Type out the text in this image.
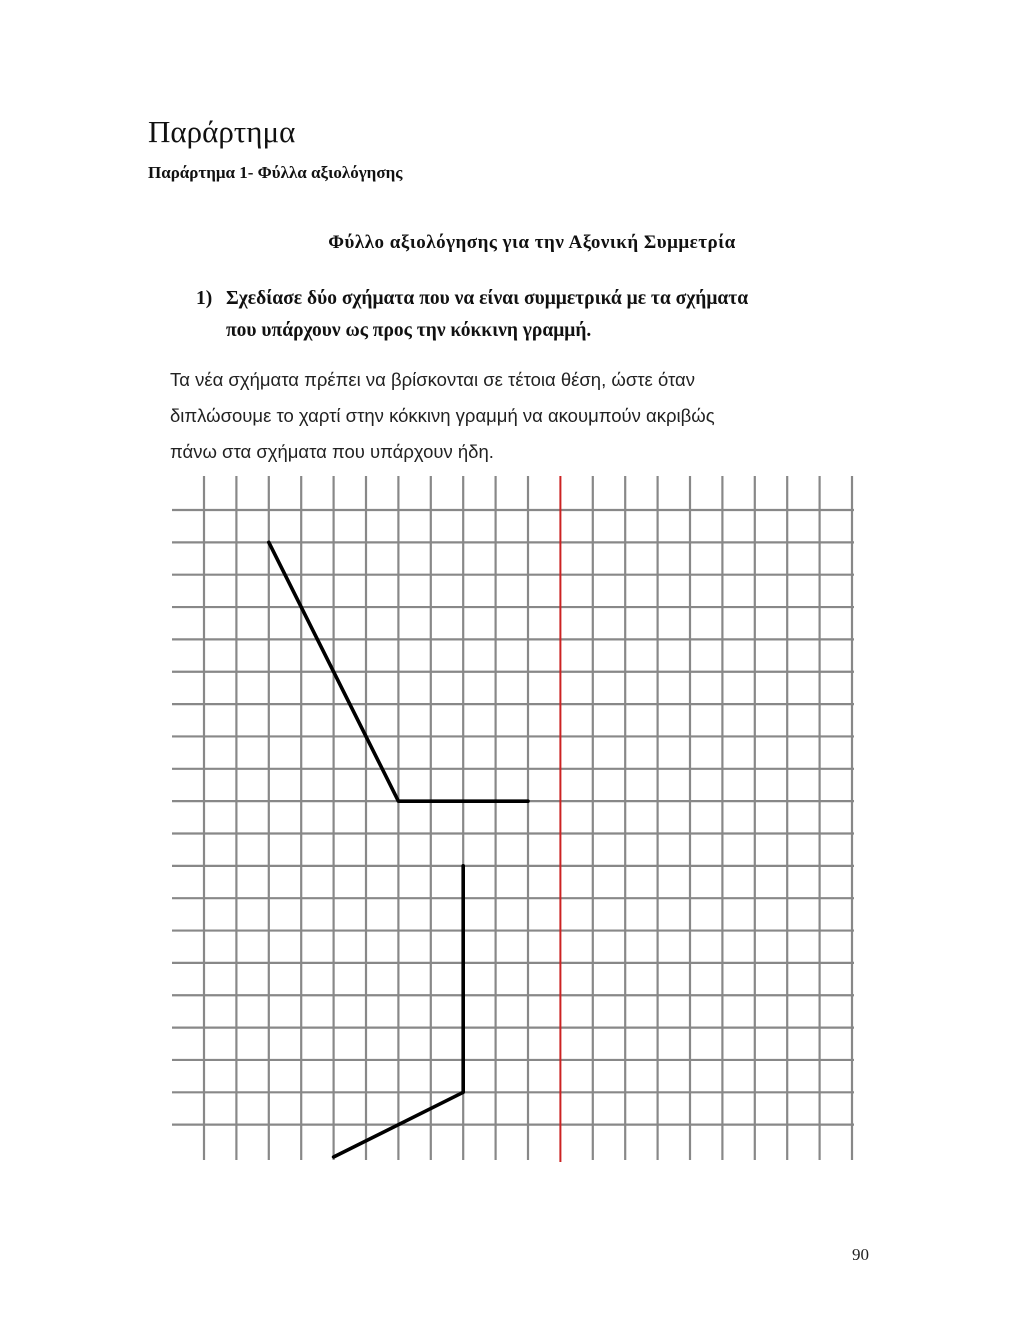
Παράρτημα
Παράρτημα 1- Φύλλα αξιολόγησης
Φύλλο αξιολόγησης για την Αξονική Συμμετρία
1) Σχεδίασε δύο σχήματα που να είναι συμμετρικά με τα σχήματα
που υπάρχουν ως προς την κόκκινη γραμμή.
Τα νέα σχήματα πρέπει να βρίσκονται σε τέτοια θέση, ώστε όταν
διπλώσουμε το χαρτί στην κόκκινη γραμμή να ακουμπούν ακριβώς
πάνω στα σχήματα που υπάρχουν ήδη.
90
